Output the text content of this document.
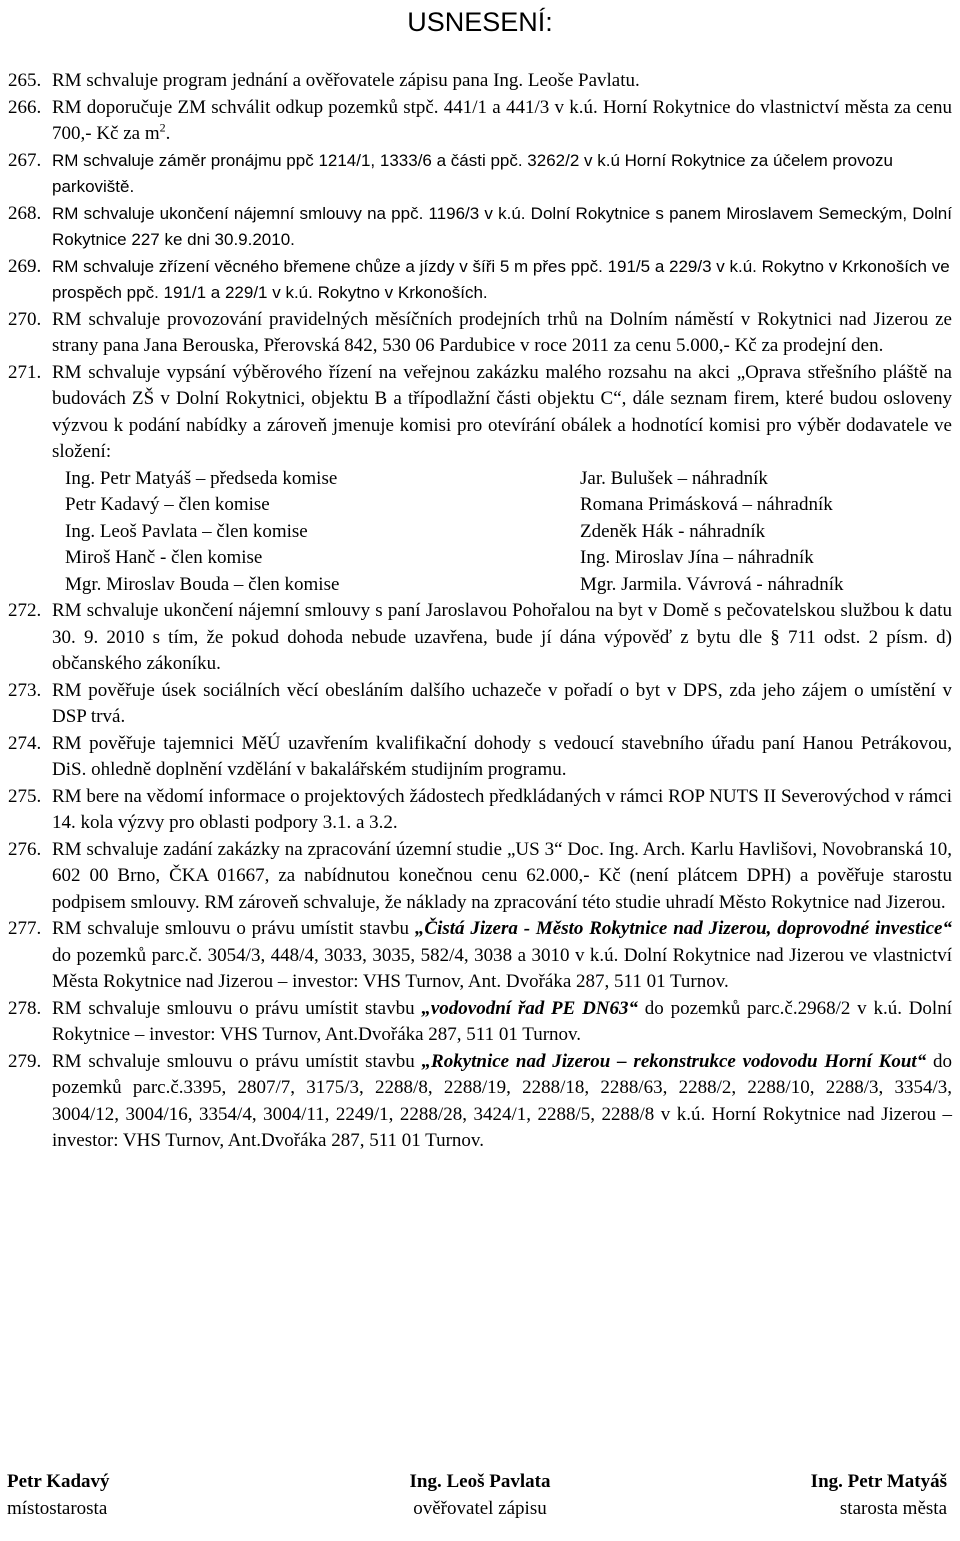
USNESENÍ:
265. RM schvaluje program jednání a ověřovatele zápisu pana Ing. Leoše Pavlatu.
266. RM doporučuje ZM schválit odkup pozemků stpč. 441/1 a 441/3 v k.ú. Horní Rokytnice do vlastnictví města za cenu 700,- Kč za $m^2$.
267. RM schvaluje záměr pronájmu ppč 1214/1, 1333/6 a části ppč. 3262/2 v k.ú Horní Rokytnice za účelem provozu parkoviště.
268. RM schvaluje ukončení nájemní smlouvy na ppč. 1196/3 v k.ú. Dolní Rokytnice s panem Miroslavem Semeckým, Dolní Rokytnice 227 ke dni 30.9.2010.
269. RM schvaluje zřízení věcného břemene chůze a jízdy v šíři 5 m přes ppč. 191/5 a 229/3 v k.ú. Rokytno v Krkonoších ve prospěch ppč. 191/1 a 229/1 v k.ú. Rokytno v Krkonoších.
270. RM schvaluje provozování pravidelných měsíčních prodejních trhů na Dolním náměstí v Rokytnici nad Jizerou ze strany pana Jana Berouska, Přerovská 842, 530 06 Pardubice v roce 2011 za cenu 5.000,- Kč za prodejní den.
271. RM schvaluje vypsání výběrového řízení na veřejnou zakázku malého rozsahu na akci „Oprava střešního pláště na budovách ZŠ v Dolní Rokytnici, objektu B a třípodlažní části objektu C“, dále seznam firem, které budou osloveny výzvou k podání nabídky a zároveň jmenuje komisi pro otevírání obálek a hodnotící komisi pro výběr dodavatele ve složení:
Ing. Petr Matyáš – předseda komise
Petr Kadavý – člen komise
Ing. Leoš Pavlata – člen komise
Miroš Hanč - člen komise
Mgr. Miroslav Bouda – člen komise
Jar. Bulušek – náhradník
Romana Primásková – náhradník
Zdeněk Hák - náhradník
Ing. Miroslav Jína – náhradník
Mgr. Jarmila. Vávrová - náhradník
272. RM schvaluje ukončení nájemní smlouvy s paní Jaroslavou Pohořalou na byt v Domě s pečovatelskou službou k datu 30. 9. 2010 s tím, že pokud dohoda nebude uzavřena, bude jí dána výpověď z bytu dle § 711 odst. 2 písm. d) občanského zákoníku.
273. RM pověřuje úsek sociálních věcí obesláním dalšího uchazeče v pořadí o byt v DPS, zda jeho zájem o umístění v DSP trvá.
274. RM pověřuje tajemnici MěÚ uzavřením kvalifikační dohody s vedoucí stavebního úřadu paní Hanou Petrákovou, DiS. ohledně doplnění vzdělání v bakalářském studijním programu.
275. RM bere na vědomí informace o projektových žádostech předkládaných v rámci ROP NUTS II Severovýchod v rámci 14. kola výzvy pro oblasti podpory 3.1. a 3.2.
276. RM schvaluje zadání zakázky na zpracování územní studie „US 3“ Doc. Ing. Arch. Karlu Havlišovi, Novobranská 10, 602 00 Brno, ČKA 01667, za nabídnutou konečnou cenu 62.000,- Kč (není plátcem DPH) a pověřuje starostu podpisem smlouvy. RM zároveň schvaluje, že náklady na zpracování této studie uhradí Město Rokytnice nad Jizerou.
277. RM schvaluje smlouvu o právu umístit stavbu „Čistá Jizera - Město Rokytnice nad Jizerou, doprovodné investice“ do pozemků parc.č. 3054/3, 448/4, 3033, 3035, 582/4, 3038 a 3010 v k.ú. Dolní Rokytnice nad Jizerou ve vlastnictví Města Rokytnice nad Jizerou – investor: VHS Turnov, Ant. Dvořáka 287, 511 01 Turnov.
278. RM schvaluje smlouvu o právu umístit stavbu „vodovodní řad PE DN63“ do pozemků parc.č.2968/2 v k.ú. Dolní Rokytnice – investor: VHS Turnov, Ant.Dvořáka 287, 511 01 Turnov.
279. RM schvaluje smlouvu o právu umístit stavbu „Rokytnice nad Jizerou – rekonstrukce vodovodu Horní Kout“ do pozemků parc.č.3395, 2807/7, 3175/3, 2288/8, 2288/19, 2288/18, 2288/63, 2288/2, 2288/10, 2288/3, 3354/3, 3004/12, 3004/16, 3354/4, 3004/11, 2249/1, 2288/28, 3424/1, 2288/5, 2288/8 v k.ú. Horní Rokytnice nad Jizerou – investor: VHS Turnov, Ant.Dvořáka 287, 511 01 Turnov.
Petr Kadavý
místostarosta
Ing. Leoš Pavlata
ověřovatel zápisu
Ing. Petr Matyáš
starosta města
